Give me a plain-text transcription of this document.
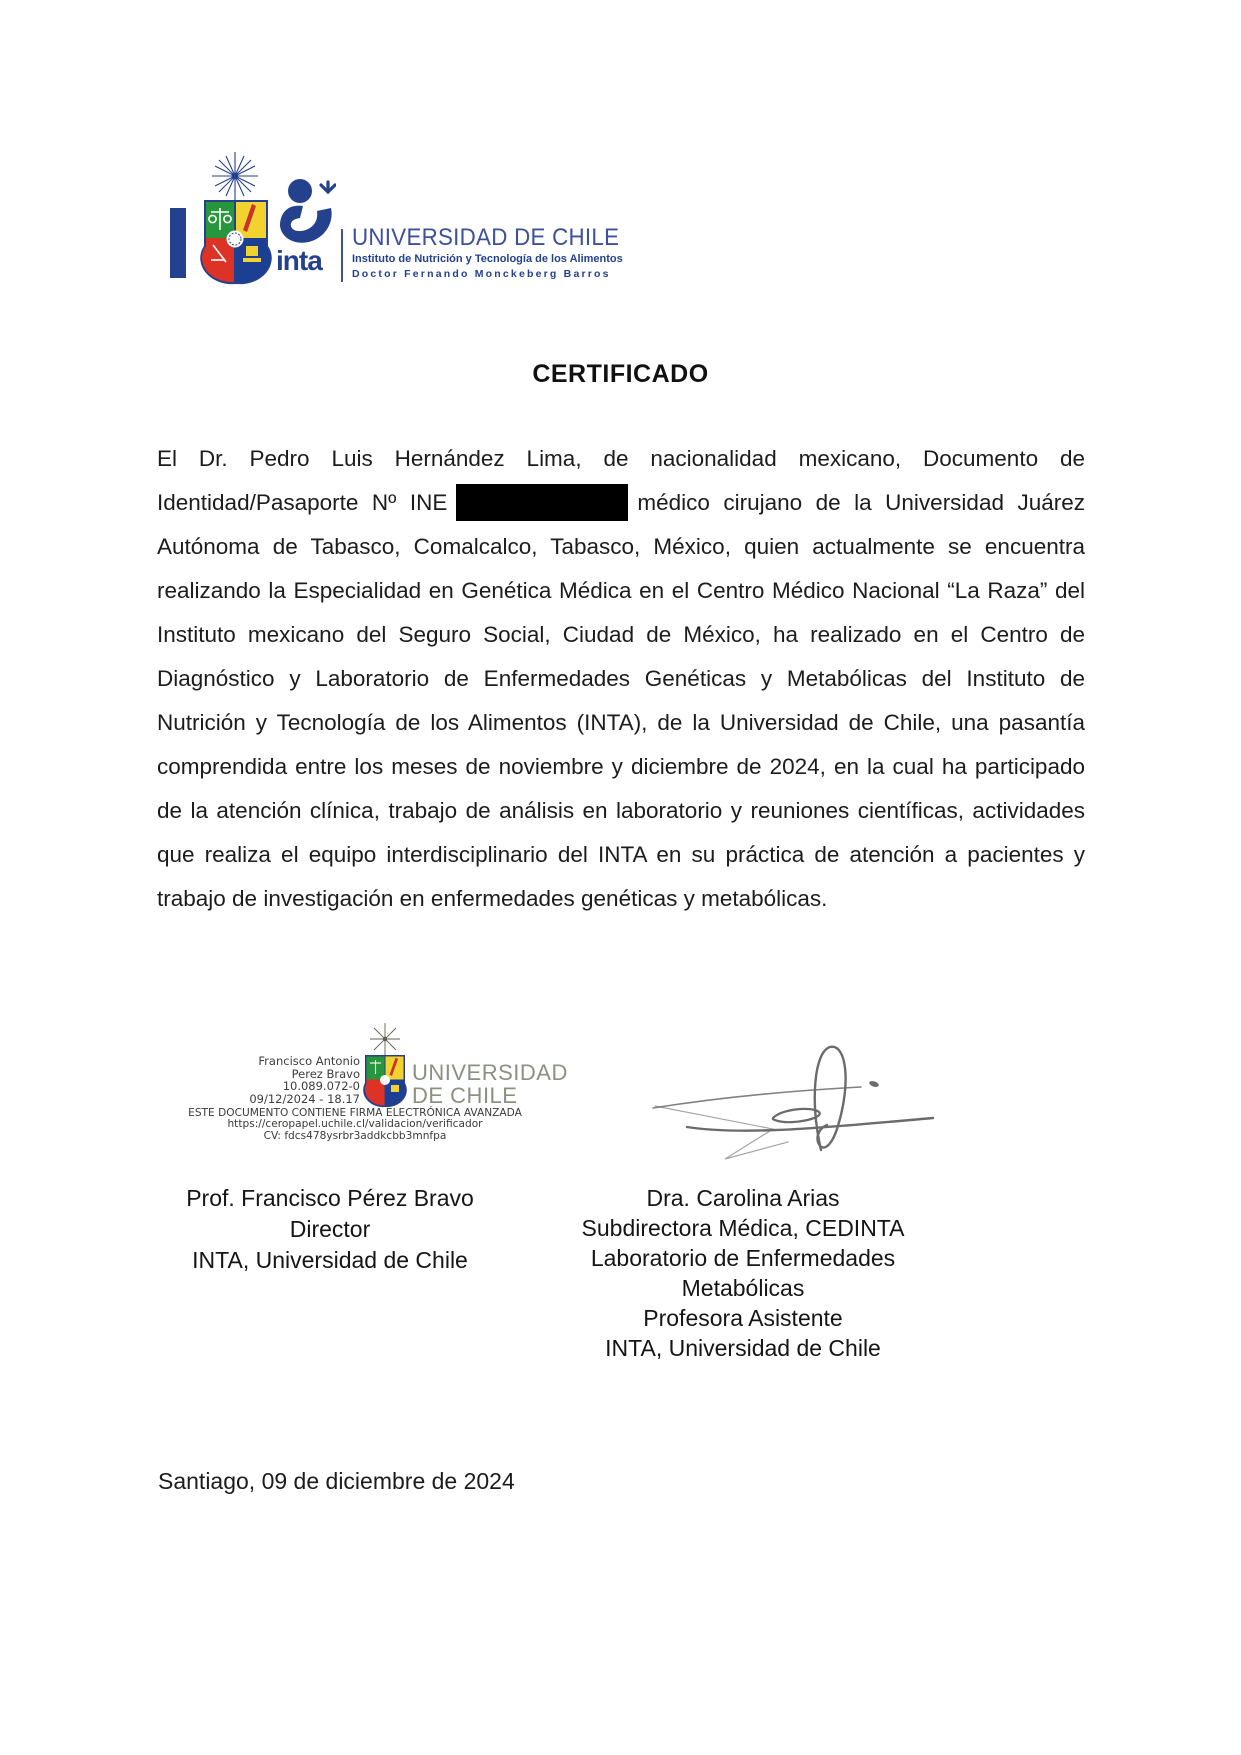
inta
UNIVERSIDAD DE CHILE
Instituto de Nutrición y Tecnología de los Alimentos
Doctor Fernando Monckeberg Barros
CERTIFICADO

El Dr. Pedro Luis Hernández Lima, de nacionalidad mexicano, Documento de Identidad/Pasaporte Nº INE	médico cirujano de la Universidad Juárez Autónoma de Tabasco, Comalcalco, Tabasco, México, quien actualmente se encuentra realizando la Especialidad en Genética Médica en el Centro Médico Nacional “La Raza” del Instituto mexicano del Seguro Social, Ciudad de México, ha realizado en el Centro de Diagnóstico y Laboratorio de Enfermedades Genéticas y Metabólicas del Instituto de Nutrición y Tecnología de los Alimentos (INTA), de la Universidad de Chile, una pasantía comprendida entre los meses de noviembre y diciembre de 2024, en la cual ha participado de la atención clínica, trabajo de análisis en laboratorio y reuniones científicas, actividades que realiza el equipo interdisciplinario del INTA en su práctica de atención a pacientes y trabajo de investigación en enfermedades genéticas y metabólicas.

Francisco Antonio
Perez Bravo
10.089.072-0
09/12/2024 - 18.17
UNIVERSIDAD
DE CHILE
ESTE DOCUMENTO CONTIENE FIRMA ELECTRÓNICA AVANZADA
https://ceropapel.uchile.cl/validacion/verificador
CV: fdcs478ysrbr3addkcbb3mnfpa
Prof. Francisco Pérez Bravo
Director
INTA, Universidad de Chile
Dra. Carolina Arias
Subdirectora Médica, CEDINTA
Laboratorio de Enfermedades Metabólicas
Profesora Asistente
INTA, Universidad de Chile
Santiago, 09 de diciembre de 2024
